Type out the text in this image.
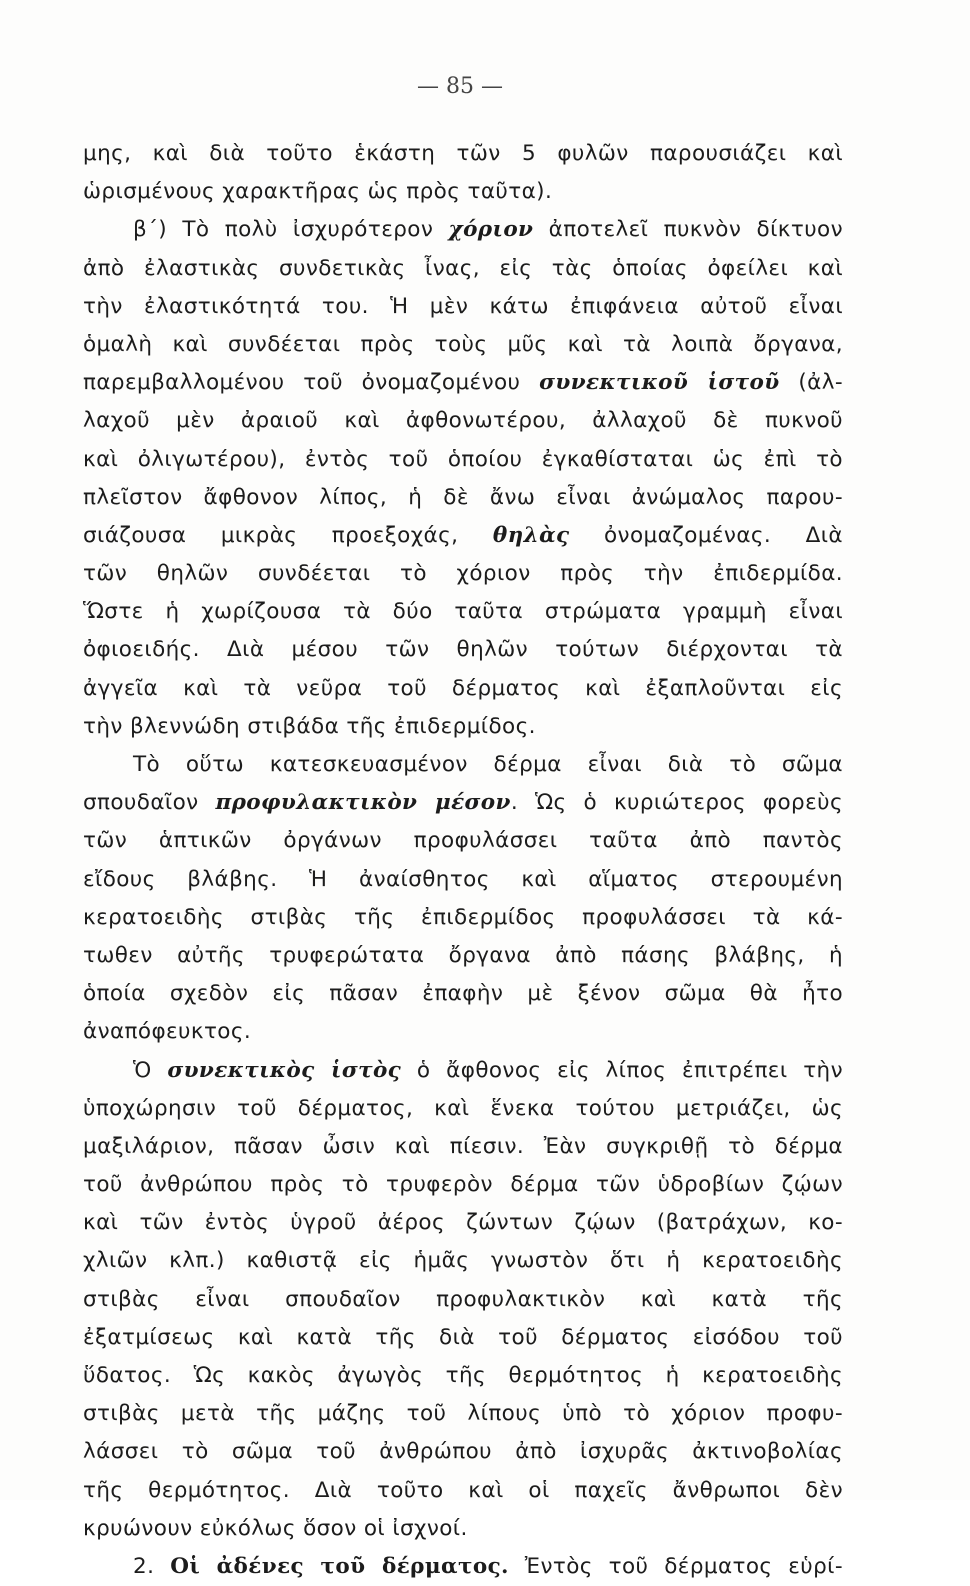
— 85 —
μης, καὶ διὰ τοῦτο ἑκάστη τῶν 5 φυλῶν παρουσιάζει καὶ
ὡρισμένους χαρακτῆρας ὡς πρὸς ταῦτα).
β΄) Τὸ πολὺ ἰσχυρότερον χόριον ἀποτελεῖ πυκνὸν δίκτυον
ἀπὸ ἐλαστικὰς συνδετικὰς ἶνας, εἰς τὰς ὁποίας ὀφείλει καὶ
τὴν ἐλαστικότητά του. Ἡ μὲν κάτω ἐπιφάνεια αὐτοῦ εἶναι
ὁμαλὴ καὶ συνδέεται πρὸς τοὺς μῦς καὶ τὰ λοιπὰ ὄργανα,
παρεμβαλλομένου τοῦ ὀνομαζομένου συνεκτικοῦ ἱστοῦ (ἀλ-
λαχοῦ μὲν ἀραιοῦ καὶ ἀφθονωτέρου, ἀλλαχοῦ δὲ πυκνοῦ
καὶ ὀλιγωτέρου), ἐντὸς τοῦ ὁποίου ἐγκαθίσταται ὡς ἐπὶ τὸ
πλεῖστον ἄφθονον λίπος, ἡ δὲ ἄνω εἶναι ἀνώμαλος παρου-
σιάζουσα μικρὰς προεξοχάς, θηλὰς ὀνομαζομένας. Διὰ
τῶν θηλῶν συνδέεται τὸ χόριον πρὸς τὴν ἐπιδερμίδα.
Ὥστε ἡ χωρίζουσα τὰ δύο ταῦτα στρώματα γραμμὴ εἶναι
ὀφιοειδής. Διὰ μέσου τῶν θηλῶν τούτων διέρχονται τὰ
ἀγγεῖα καὶ τὰ νεῦρα τοῦ δέρματος καὶ ἐξαπλοῦνται εἰς
τὴν βλεννώδη στιβάδα τῆς ἐπιδερμίδος.
Τὸ οὕτω κατεσκευασμένον δέρμα εἶναι διὰ τὸ σῶμα
σπουδαῖον προφυλακτικὸν μέσον. Ὡς ὁ κυριώτερος φορεὺς
τῶν ἁπτικῶν ὀργάνων προφυλάσσει ταῦτα ἀπὸ παντὸς
εἴδους βλάβης. Ἡ ἀναίσθητος καὶ αἵματος στερουμένη
κερατοειδὴς στιβὰς τῆς ἐπιδερμίδος προφυλάσσει τὰ κά-
τωθεν αὐτῆς τρυφερώτατα ὄργανα ἀπὸ πάσης βλάβης, ἡ
ὁποία σχεδὸν εἰς πᾶσαν ἐπαφὴν μὲ ξένον σῶμα θὰ ἦτο
ἀναπόφευκτος.
Ὁ συνεκτικὸς ἱστὸς ὁ ἄφθονος εἰς λίπος ἐπιτρέπει τὴν
ὑποχώρησιν τοῦ δέρματος, καὶ ἕνεκα τούτου μετριάζει, ὡς
μαξιλάριον, πᾶσαν ὦσιν καὶ πίεσιν. Ἐὰν συγκριθῇ τὸ δέρμα
τοῦ ἀνθρώπου πρὸς τὸ τρυφερὸν δέρμα τῶν ὑδροβίων ζῴων
καὶ τῶν ἐντὸς ὑγροῦ ἀέρος ζώντων ζῴων (βατράχων, κο-
χλιῶν κλπ.) καθιστᾷ εἰς ἡμᾶς γνωστὸν ὅτι ἡ κερατοειδὴς
στιβὰς εἶναι σπουδαῖον προφυλακτικὸν καὶ κατὰ τῆς
ἐξατμίσεως καὶ κατὰ τῆς διὰ τοῦ δέρματος εἰσόδου τοῦ
ὕδατος. Ὡς κακὸς ἀγωγὸς τῆς θερμότητος ἡ κερατοειδὴς
στιβὰς μετὰ τῆς μάζης τοῦ λίπους ὑπὸ τὸ χόριον προφυ-
λάσσει τὸ σῶμα τοῦ ἀνθρώπου ἀπὸ ἰσχυρᾶς ἀκτινοβολίας
τῆς θερμότητος. Διὰ τοῦτο καὶ οἱ παχεῖς ἄνθρωποι δὲν
κρυώνουν εὐκόλως ὅσον οἱ ἰσχνοί.
2. Οἱ ἀδένες τοῦ δέρματος. Ἐντὸς τοῦ δέρματος εὑρί-
